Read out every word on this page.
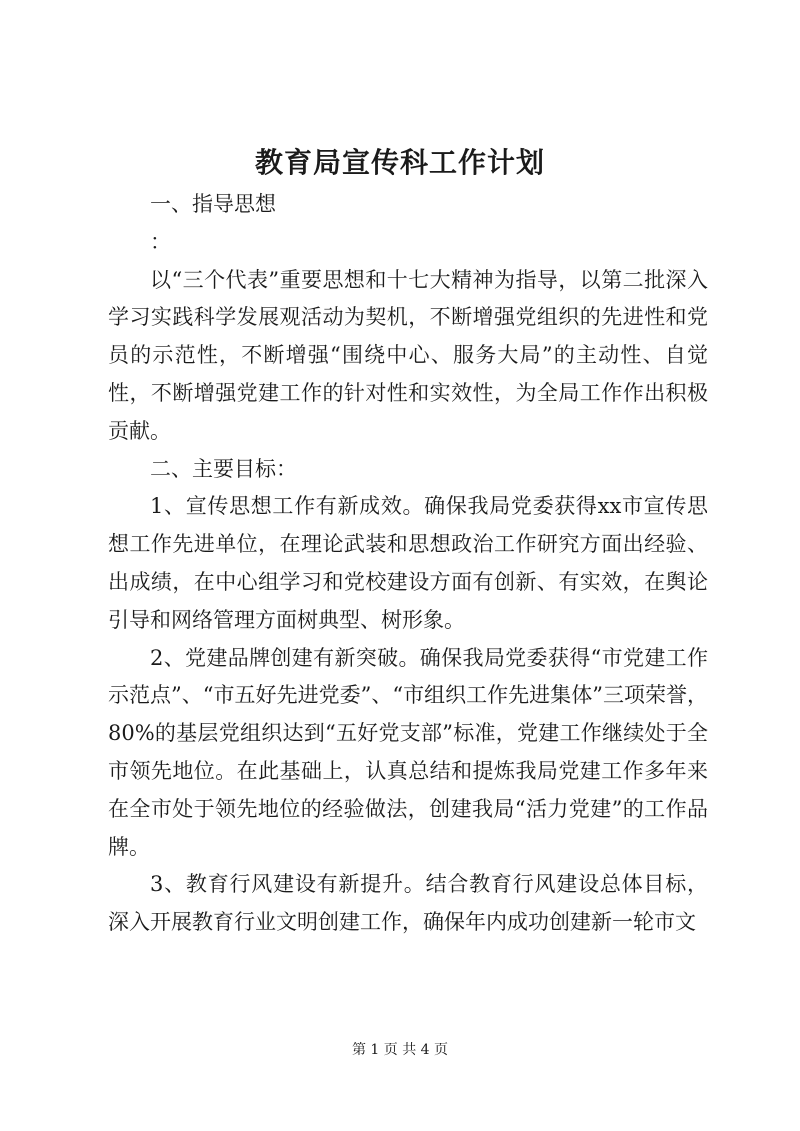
教育局宣传科工作计划

一、指导思想

：

以“三个代表”重要思想和十七大精神为指导，以第二批深入学习实践科学发展观活动为契机，不断增强党组织的先进性和党员的示范性，不断增强“围绕中心、服务大局”的主动性、自觉性，不断增强党建工作的针对性和实效性，为全局工作作出积极贡献。

二、主要目标：

1、宣传思想工作有新成效。确保我局党委获得xx市宣传思想工作先进单位，在理论武装和思想政治工作研究方面出经验、出成绩，在中心组学习和党校建设方面有创新、有实效，在舆论引导和网络管理方面树典型、树形象。

2、党建品牌创建有新突破。确保我局党委获得“市党建工作示范点”、“市五好先进党委”、“市组织工作先进集体”三项荣誉，80%的基层党组织达到“五好党支部”标准，党建工作继续处于全市领先地位。在此基础上，认真总结和提炼我局党建工作多年来在全市处于领先地位的经验做法，创建我局“活力党建”的工作品牌。

3、教育行风建设有新提升。结合教育行风建设总体目标，深入开展教育行业文明创建工作，确保年内成功创建新一轮市文

第 1 页 共 4 页
